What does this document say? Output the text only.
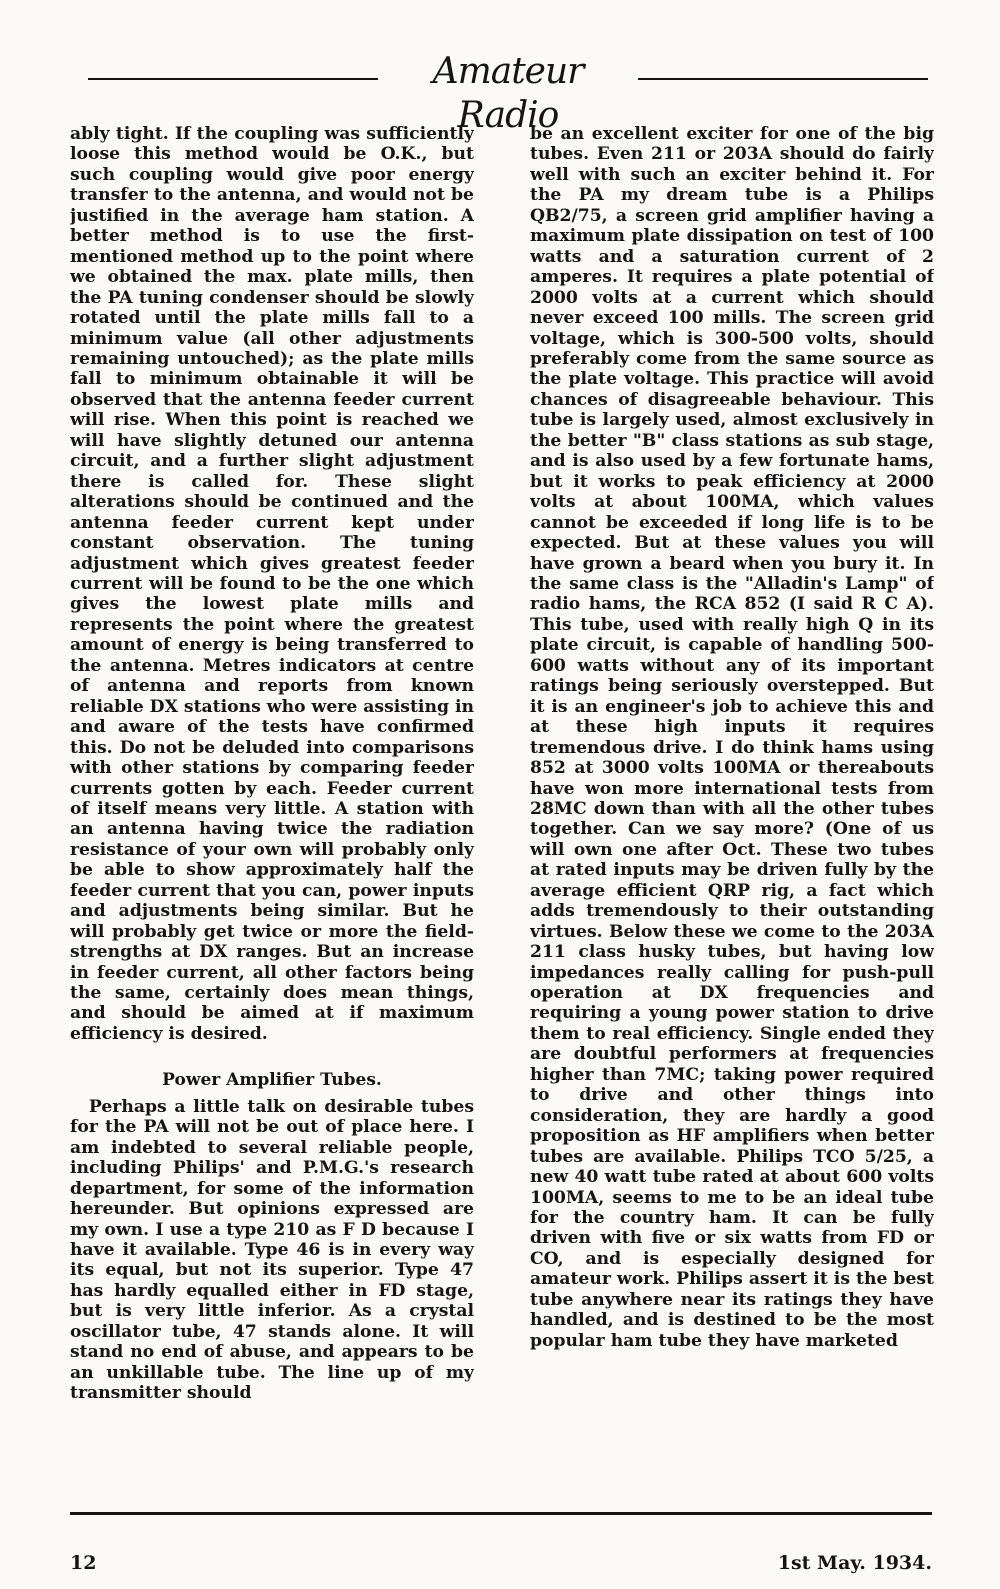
Amateur Radio

ably tight. If the coupling was sufficiently loose this method would be O.K., but such coupling would give poor energy transfer to the antenna, and would not be justified in the average ham station. A better method is to use the first-mentioned method up to the point where we obtained the max. plate mills, then the PA tuning condenser should be slowly rotated until the plate mills fall to a minimum value (all other adjustments remaining untouched); as the plate mills fall to minimum obtainable it will be observed that the antenna feeder current will rise. When this point is reached we will have slightly detuned our antenna circuit, and a further slight adjustment there is called for. These slight alterations should be continued and the antenna feeder current kept under constant observation. The tuning adjustment which gives greatest feeder current will be found to be the one which gives the lowest plate mills and represents the point where the greatest amount of energy is being transferred to the antenna. Metres indicators at centre of antenna and reports from known reliable DX stations who were assisting in and aware of the tests have confirmed this. Do not be deluded into comparisons with other stations by comparing feeder currents gotten by each. Feeder current of itself means very little. A station with an antenna having twice the radiation resistance of your own will probably only be able to show approximately half the feeder current that you can, power inputs and adjustments being similar. But he will probably get twice or more the field-strengths at DX ranges. But an increase in feeder current, all other factors being the same, certainly does mean things, and should be aimed at if maximum efficiency is desired.

Power Amplifier Tubes.

Perhaps a little talk on desirable tubes for the PA will not be out of place here. I am indebted to several reliable people, including Philips' and P.M.G.'s research department, for some of the information hereunder. But opinions expressed are my own. I use a type 210 as F D because I have it available. Type 46 is in every way its equal, but not its superior. Type 47 has hardly equalled either in FD stage, but is very little inferior. As a crystal oscillator tube, 47 stands alone. It will stand no end of abuse, and appears to be an unkillable tube. The line up of my transmitter should

be an excellent exciter for one of the big tubes. Even 211 or 203A should do fairly well with such an exciter behind it. For the PA my dream tube is a Philips QB2/75, a screen grid amplifier having a maximum plate dissipation on test of 100 watts and a saturation current of 2 amperes. It requires a plate potential of 2000 volts at a current which should never exceed 100 mills. The screen grid voltage, which is 300-500 volts, should preferably come from the same source as the plate voltage. This practice will avoid chances of disagreeable behaviour. This tube is largely used, almost exclusively in the better "B" class stations as sub stage, and is also used by a few fortunate hams, but it works to peak efficiency at 2000 volts at about 100MA, which values cannot be exceeded if long life is to be expected. But at these values you will have grown a beard when you bury it. In the same class is the "Alladin's Lamp" of radio hams, the RCA 852 (I said R C A). This tube, used with really high Q in its plate circuit, is capable of handling 500-600 watts without any of its important ratings being seriously overstepped. But it is an engineer's job to achieve this and at these high inputs it requires tremendous drive. I do think hams using 852 at 3000 volts 100MA or thereabouts have won more international tests from 28MC down than with all the other tubes together. Can we say more? (One of us will own one after Oct. These two tubes at rated inputs may be driven fully by the average efficient QRP rig, a fact which adds tremendously to their outstanding virtues. Below these we come to the 203A 211 class husky tubes, but having low impedances really calling for push-pull operation at DX frequencies and requiring a young power station to drive them to real efficiency. Single ended they are doubtful performers at frequencies higher than 7MC; taking power required to drive and other things into consideration, they are hardly a good proposition as HF amplifiers when better tubes are available. Philips TCO 5/25, a new 40 watt tube rated at about 600 volts 100MA, seems to me to be an ideal tube for the country ham. It can be fully driven with five or six watts from FD or CO, and is especially designed for amateur work. Philips assert it is the best tube anywhere near its ratings they have handled, and is destined to be the most popular ham tube they have marketed

12	1st May. 1934.
